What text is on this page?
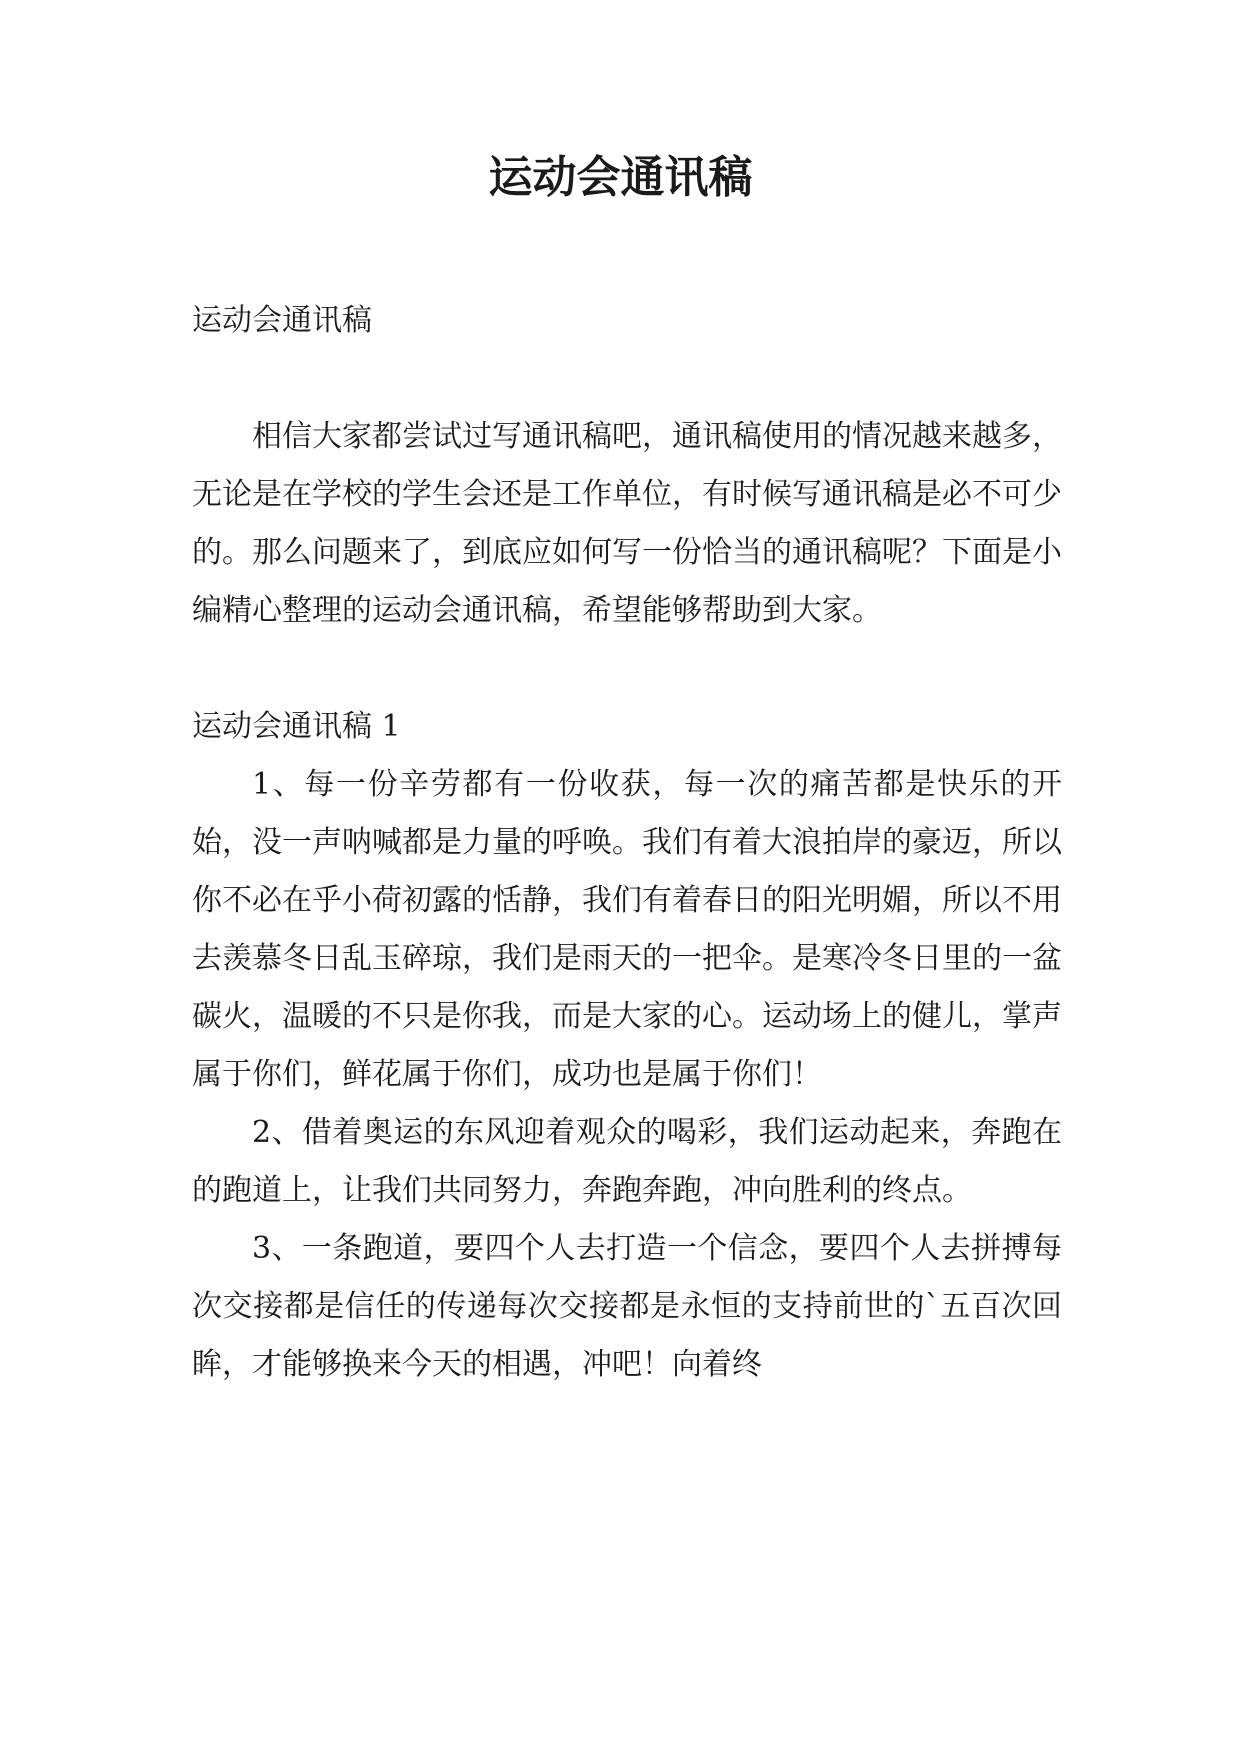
运动会通讯稿

运动会通讯稿

相信大家都尝试过写通讯稿吧，通讯稿使用的情况越来越多，无论是在学校的学生会还是工作单位，有时候写通讯稿是必不可少的。那么问题来了，到底应如何写一份恰当的通讯稿呢？下面是小编精心整理的运动会通讯稿，希望能够帮助到大家。

运动会通讯稿 1

1、每一份辛劳都有一份收获，每一次的痛苦都是快乐的开始，没一声呐喊都是力量的呼唤。我们有着大浪拍岸的豪迈，所以你不必在乎小荷初露的恬静，我们有着春日的阳光明媚，所以不用去羡慕冬日乱玉碎琼，我们是雨天的一把伞。是寒冷冬日里的一盆碳火，温暖的不只是你我，而是大家的心。运动场上的健儿，掌声属于你们，鲜花属于你们，成功也是属于你们！

2、借着奥运的东风迎着观众的喝彩，我们运动起来，奔跑在的跑道上，让我们共同努力，奔跑奔跑，冲向胜利的终点。

3、一条跑道，要四个人去打造一个信念，要四个人去拼搏每次交接都是信任的传递每次交接都是永恒的支持前世的`五百次回眸，才能够换来今天的相遇，冲吧！向着终
